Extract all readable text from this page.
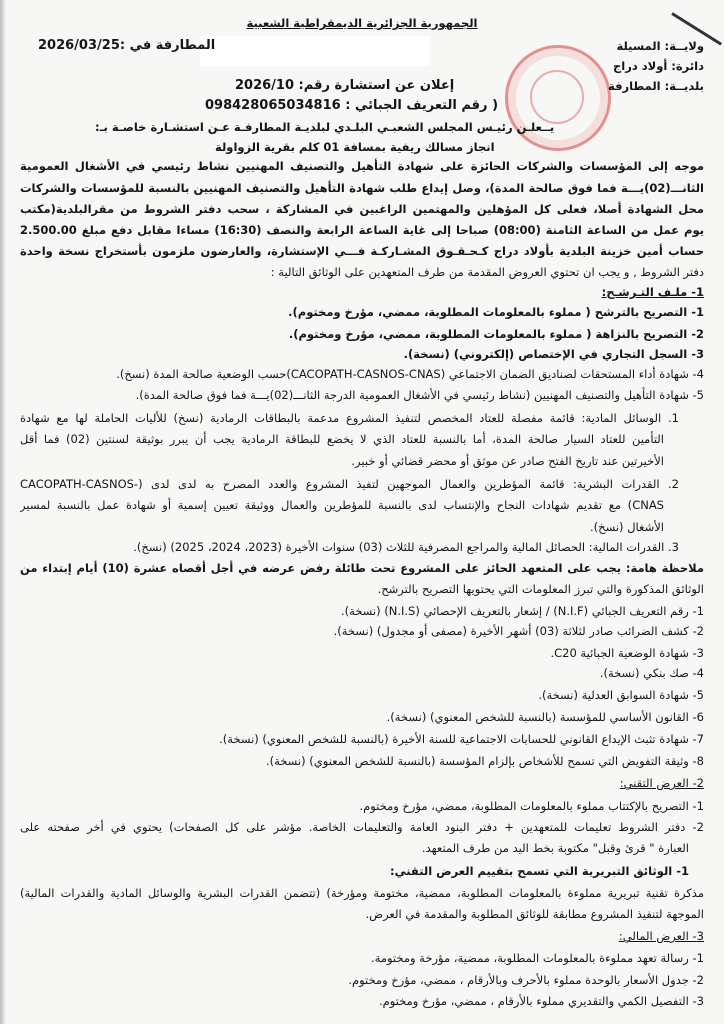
الجمهورية الجزائرية الديمقراطية الشعبية
المطارفة في :2026/03/25	ولايــة: المسيلة
دائرة: أولاد دراج
بلديــة: المطارفة
إعلان عن استشارة رقم: 2026/10
( رقم التعريف الجبائي : 098428065034816
يــعلـن رئيـس المجلس الشعبـي البلـدي لبلديـة المطارفـة عـن استشـارة خاصـة بـ:
انجاز مسالك ريفية بمسافة 01 كلم بقرية الزواولة
موجه إلى المؤسسات والشركات الحائزة على شهادة التأهيل والتصنيف المهنيين نشاط رئيسي في الأشغال العمومية
الثانـــ(02)يـــة فما فوق صالحة المدة)، وصل إيداع طلب شهادة التأهيل والتصنيف المهنيين بالنسبة للمؤسسات والشركات
محل الشهادة أصلا، فعلى كل المؤهلين والمهتمين الراغبين في المشاركة ، سحب دفتر الشروط من مقرالبلدية(مكتب
يوم عمل من الساعة الثامنة (08:00) صباحا إلى غاية الساعة الرابعة والنصف (16:30) مساءا مقابل دفع مبلغ 2.500.00
حساب أمين خزينة البلدية بأولاد دراج كـحـقـوق المشـاركـة فـــي الإستشارة، والعارضون ملزمون بأستخراج نسخة واحدة
دفتر الشروط , و يجب ان تحتوي العروض المقدمة من طرف المتعهدين على الوثائق التالية :
1- ملـف التـرشـح:
1- التصريح بالترشح ( مملوء بالمعلومات المطلوبة، ممضي، مؤرخ ومختوم).
2- التصريح بالنزاهة ( مملوء بالمعلومات المطلوبة، ممضي، مؤرخ ومختوم).
3- السجل التجاري في الإختصاص (إلكتروني) (نسخة).
4- شهادة أداء المستحقات لصناديق الضمان الاجتماعي (CACOPATH-CASNOS-CNAS)حسب الوضعية صالحة المدة (نسخ).
5- شهادة التأهيل والتصنيف المهنيين (نشاط رئيسي في الأشغال العمومية الدرجة الثانـــ(02)يـــة فما فوق صالحة المدة).
1. الوسائل المادية: قائمة مفصلة للعتاد المخصص لتنفيذ المشروع مدعمة بالبطاقات الرمادية (نسخ) للأليات الحاملة لها مع شهادة
التأمين للعتاد السيار صالحة المدة، أما بالنسبة للعتاد الذي لا يخضع للبطاقة الرمادية يجب أن يبرر بوثيقة لسنتين (02) فما أقل
الأخيرتين عند تاريخ الفتح صادر عن موثق أو محضر قضائي أو خبير.
2. القدرات البشرية: قائمة المؤطرين والعمال الموجهين لتفيذ المشروع والعدد المصرح به لدى لدى (-CACOPATH-CASNOS
CNAS) مع تقديم شهادات النجاح والإنتساب لدى بالنسبة للمؤطرين والعمال ووثيقة تعيين إسمية أو شهادة عمل بالنسبة لمسير
الأشغال (نسخ).
3. القدرات المالية: الحصائل المالية والمراجع المصرفية للثلاث (03) سنوات الأخيرة (2023، 2024، 2025) (نسخ).
ملاحظة هامة: يجب على المتعهد الحائز على المشروع تحت طائلة رفض عرضه في أجل أقصاه عشرة (10) أيام إبتداء من
الوثائق المذكورة والتي تبرز المعلومات التي يحتويها التصريح بالترشح.
1- رقم التعريف الجبائي (N.I.F) / إشعار بالتعريف الإحصائي (N.I.S) (نسخة).
2- كشف الضرائب صادر لثلاثة (03) أشهر الأخيرة (مصفى أو مجدول) (نسخة).
3- شهادة الوضعية الجبائية C20.
4- صك بنكي (نسخة).
5- شهادة السوابق العدلية (نسخة).
6- القانون الأساسي للمؤسسة (بالنسبة للشخص المعنوي) (نسخة).
7- شهادة تثبث الإيداع القانوني للحسابات الاجتماعية للسنة الأخيرة (بالنسبة للشخص المعنوي) (نسخة).
8- وثيقة التفويض التي تسمح للأشخاص بإلزام المؤسسة (بالنسبة للشخص المعنوي) (نسخة).
2- العرض التقني:
1- التصريح بالإكتتاب مملوء بالمعلومات المطلوبة، ممضي، مؤرخ ومختوم.
2- دفتر الشروط تعليمات للمتعهدين + دفتر البنود العامة والتعليمات الخاصة. مؤشر على كل الصفحات) يحتوي في أخر صفحته على
العبارة " قرئ وقبل" مكتوبة بخط اليد من طرف المتعهد.
1- الوثائق التبريرية التي تسمح بتقييم العرض التقني:
مذكرة تقنية تبريرية مملوءة بالمعلومات المطلوبة، ممضية، مختومة ومؤرخة) (تتضمن القدرات البشرية والوسائل المادية والقدرات المالية)
الموجهة لتنفيذ المشروع مطابقة للوثائق المطلوبة والمقدمة في العرض.
3- العرض المالي:
1- رسالة تعهد مملوءة بالمعلومات المطلوبة، ممضية، مؤرخة ومختومة.
2- جدول الأسعار بالوحدة مملوء بالأحرف وبالأرقام ، ممضي، مؤرخ ومختوم.
3- التفصيل الكمي والتقديري مملوء بالأرقام ، ممضي، مؤرخ ومختوم.
